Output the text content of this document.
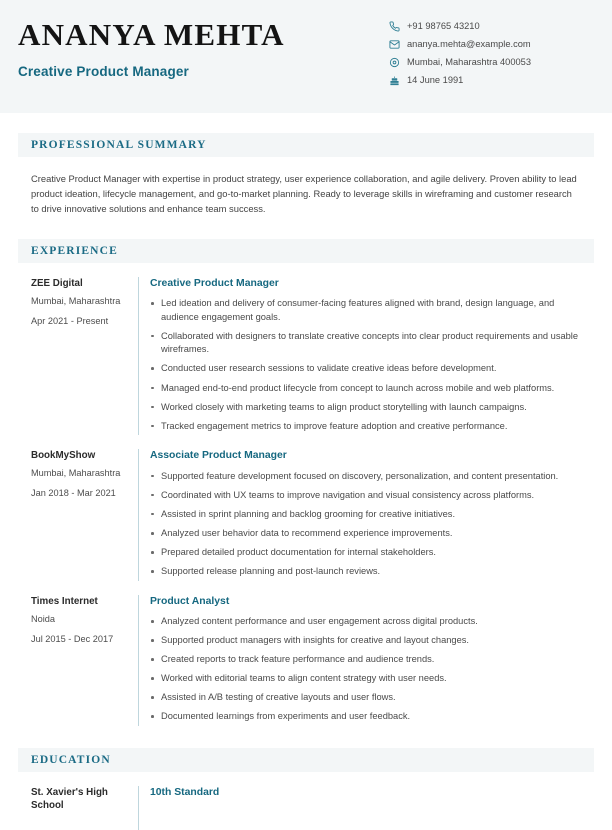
ANANYA MEHTA
Creative Product Manager
+91 98765 43210
ananya.mehta@example.com
Mumbai, Maharashtra 400053
14 June 1991
PROFESSIONAL SUMMARY

Creative Product Manager with expertise in product strategy, user experience collaboration, and agile delivery. Proven ability to lead product ideation, lifecycle management, and go-to-market planning. Ready to leverage skills in wireframing and customer research to drive innovative solutions and enhance team success.

EXPERIENCE
ZEE Digital
Mumbai, Maharashtra
Apr 2021 - Present
Creative Product Manager
Led ideation and delivery of consumer-facing features aligned with brand, design language, and audience engagement goals.
Collaborated with designers to translate creative concepts into clear product requirements and usable wireframes.
Conducted user research sessions to validate creative ideas before development.
Managed end-to-end product lifecycle from concept to launch across mobile and web platforms.
Worked closely with marketing teams to align product storytelling with launch campaigns.
Tracked engagement metrics to improve feature adoption and creative performance.
BookMyShow
Mumbai, Maharashtra
Jan 2018 - Mar 2021
Associate Product Manager
Supported feature development focused on discovery, personalization, and content presentation.
Coordinated with UX teams to improve navigation and visual consistency across platforms.
Assisted in sprint planning and backlog grooming for creative initiatives.
Analyzed user behavior data to recommend experience improvements.
Prepared detailed product documentation for internal stakeholders.
Supported release planning and post-launch reviews.
Times Internet
Noida
Jul 2015 - Dec 2017
Product Analyst
Analyzed content performance and user engagement across digital products.
Supported product managers with insights for creative and layout changes.
Created reports to track feature performance and audience trends.
Worked with editorial teams to align content strategy with user needs.
Assisted in A/B testing of creative layouts and user flows.
Documented learnings from experiments and user feedback.
EDUCATION
St. Xavier's High School
10th Standard
